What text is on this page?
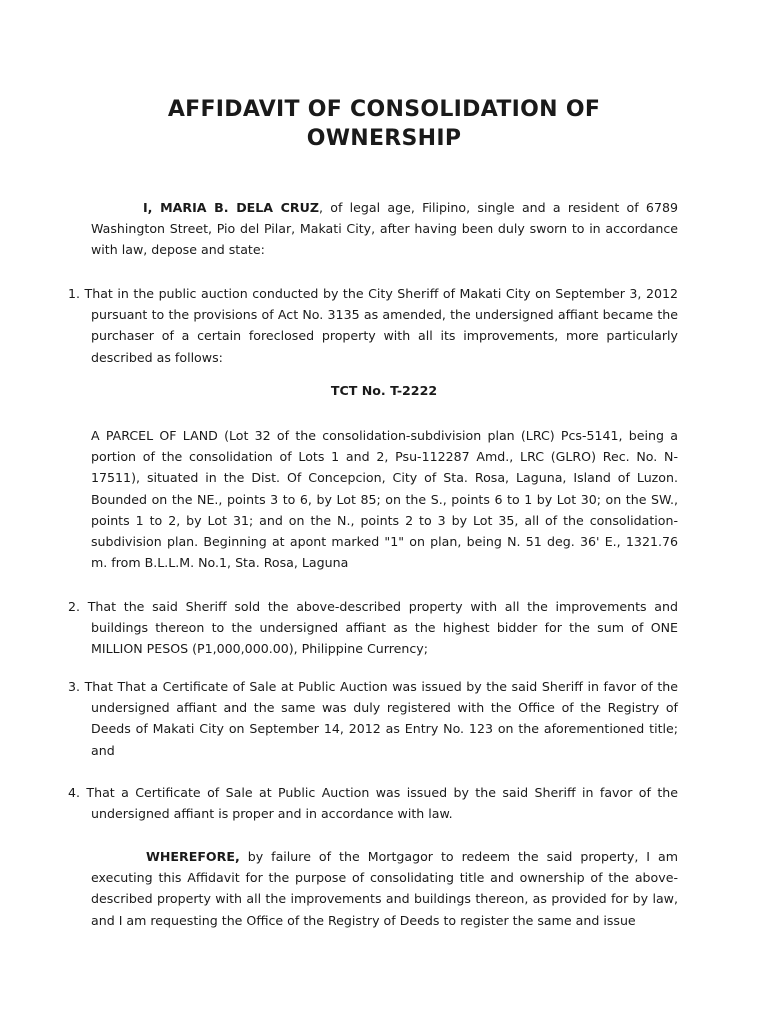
AFFIDAVIT OF CONSOLIDATION OF
OWNERSHIP

I, MARIA B. DELA CRUZ, of legal age, Filipino, single and a resident of 6789 Washington Street, Pio del Pilar, Makati City, after having been duly sworn to in accordance with law, depose and state:

1. That in the public auction conducted by the City Sheriff of Makati City on September 3, 2012 pursuant to the provisions of Act No. 3135 as amended, the undersigned affiant became the purchaser of a certain foreclosed property with all its improvements, more particularly described as follows:

TCT No. T-2222

A PARCEL OF LAND (Lot 32 of the consolidation-subdivision plan (LRC) Pcs-5141, being a portion of the consolidation of Lots 1 and 2, Psu-112287 Amd., LRC (GLRO) Rec. No. N-17511), situated in the Dist. Of Concepcion, City of Sta. Rosa, Laguna, Island of Luzon. Bounded on the NE., points 3 to 6, by Lot 85; on the S., points 6 to 1 by Lot 30; on the SW., points 1 to 2, by Lot 31; and on the N., points 2 to 3 by Lot 35, all of the consolidation-subdivision plan. Beginning at apont marked "1" on plan, being N. 51 deg. 36' E., 1321.76 m. from B.L.L.M. No.1, Sta. Rosa, Laguna

2. That the said Sheriff sold the above-described property with all the improvements and buildings thereon to the undersigned affiant as the highest bidder for the sum of ONE MILLION PESOS (P1,000,000.00), Philippine Currency;

3. That That a Certificate of Sale at Public Auction was issued by the said Sheriff in favor of the undersigned affiant and the same was duly registered with the Office of the Registry of Deeds of Makati City on September 14, 2012 as Entry No. 123 on the aforementioned title; and

4. That a Certificate of Sale at Public Auction was issued by the said Sheriff in favor of the undersigned affiant is proper and in accordance with law.

WHEREFORE, by failure of the Mortgagor to redeem the said property, I am executing this Affidavit for the purpose of consolidating title and ownership of the above-described property with all the improvements and buildings thereon, as provided for by law, and I am requesting the Office of the Registry of Deeds to register the same and issue
